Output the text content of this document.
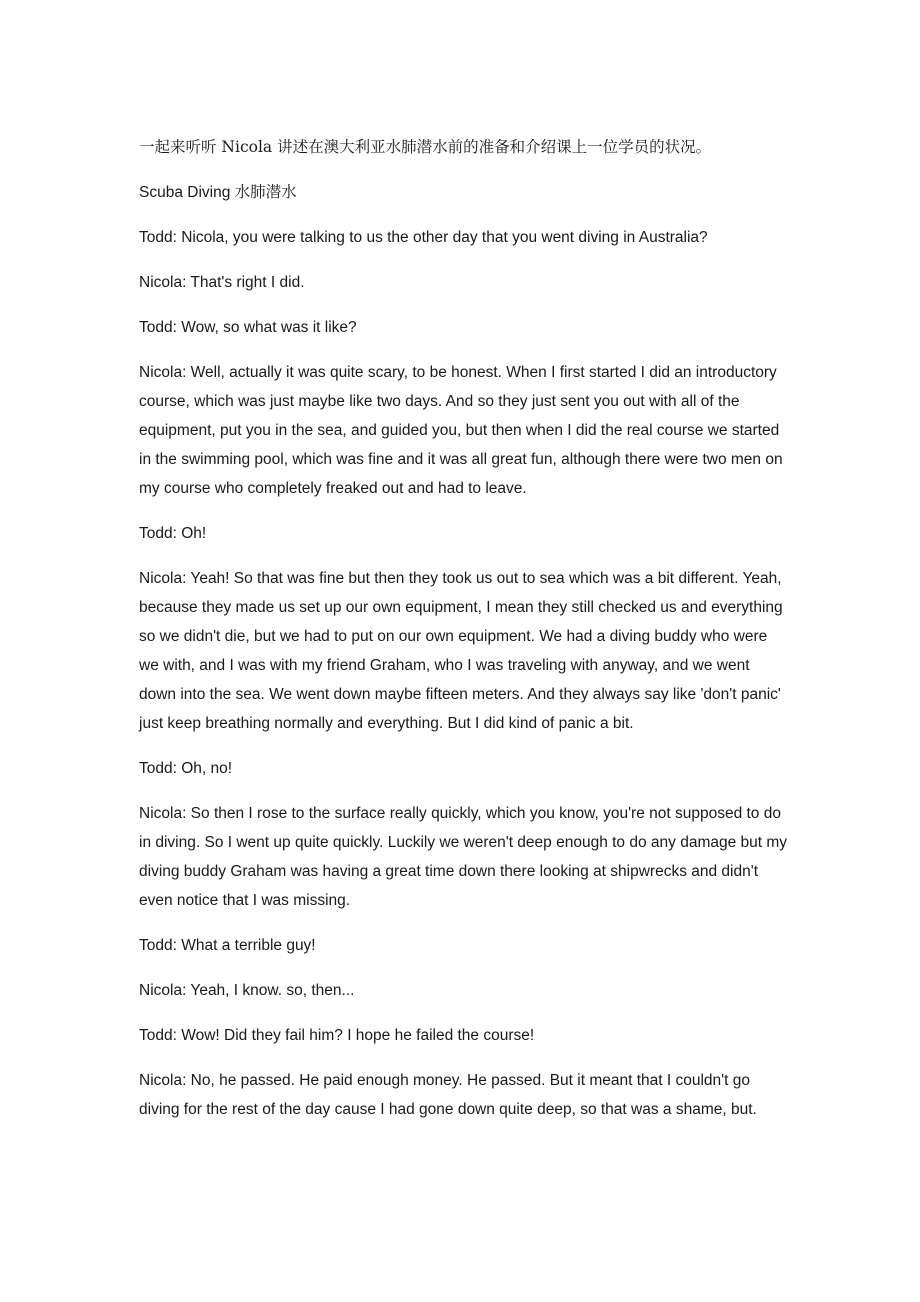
一起来听听 Nicola 讲述在澳大利亚水肺潜水前的准备和介绍课上一位学员的状况。

Scuba Diving 水肺潜水

Todd: Nicola, you were talking to us the other day that you went diving in Australia?

Nicola: That's right I did.

Todd: Wow, so what was it like?

Nicola: Well, actually it was quite scary, to be honest. When I first started I did an introductory course, which was just maybe like two days. And so they just sent you out with all of the equipment, put you in the sea, and guided you, but then when I did the real course we started in the swimming pool, which was fine and it was all great fun, although there were two men on my course who completely freaked out and had to leave.

Todd: Oh!

Nicola: Yeah! So that was fine but then they took us out to sea which was a bit different. Yeah, because they made us set up our own equipment, I mean they still checked us and everything so we didn't die, but we had to put on our own equipment. We had a diving buddy who were we with, and I was with my friend Graham, who I was traveling with anyway, and we went down into the sea. We went down maybe fifteen meters. And they always say like 'don't panic' just keep breathing normally and everything. But I did kind of panic a bit.

Todd: Oh, no!

Nicola: So then I rose to the surface really quickly, which you know, you're not supposed to do in diving. So I went up quite quickly. Luckily we weren't deep enough to do any damage but my diving buddy Graham was having a great time down there looking at shipwrecks and didn't even notice that I was missing.

Todd: What a terrible guy!

Nicola: Yeah, I know. so, then...

Todd: Wow! Did they fail him? I hope he failed the course!

Nicola: No, he passed. He paid enough money. He passed. But it meant that I couldn't go diving for the rest of the day cause I had gone down quite deep, so that was a shame, but.
